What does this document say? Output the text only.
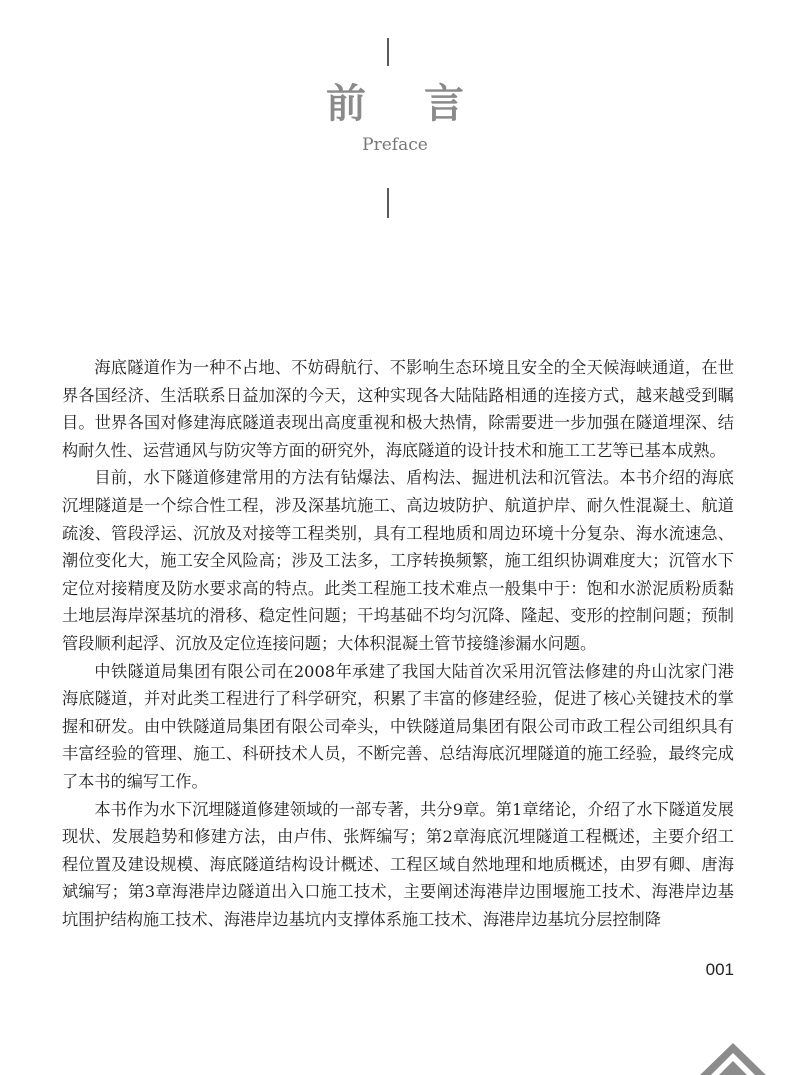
前言
Preface

海底隧道作为一种不占地、不妨碍航行、不影响生态环境且安全的全天候海峡通道，在世界各国经济、生活联系日益加深的今天，这种实现各大陆陆路相通的连接方式，越来越受到瞩目。世界各国对修建海底隧道表现出高度重视和极大热情，除需要进一步加强在隧道埋深、结构耐久性、运营通风与防灾等方面的研究外，海底隧道的设计技术和施工工艺等已基本成熟。

目前，水下隧道修建常用的方法有钻爆法、盾构法、掘进机法和沉管法。本书介绍的海底沉埋隧道是一个综合性工程，涉及深基坑施工、高边坡防护、航道护岸、耐久性混凝土、航道疏浚、管段浮运、沉放及对接等工程类别，具有工程地质和周边环境十分复杂、海水流速急、潮位变化大，施工安全风险高；涉及工法多，工序转换频繁，施工组织协调难度大；沉管水下定位对接精度及防水要求高的特点。此类工程施工技术难点一般集中于：饱和水淤泥质粉质黏土地层海岸深基坑的滑移、稳定性问题；干坞基础不均匀沉降、隆起、变形的控制问题；预制管段顺利起浮、沉放及定位连接问题；大体积混凝土管节接缝渗漏水问题。

中铁隧道局集团有限公司在2008年承建了我国大陆首次采用沉管法修建的舟山沈家门港海底隧道，并对此类工程进行了科学研究，积累了丰富的修建经验，促进了核心关键技术的掌握和研发。由中铁隧道局集团有限公司牵头，中铁隧道局集团有限公司市政工程公司组织具有丰富经验的管理、施工、科研技术人员，不断完善、总结海底沉埋隧道的施工经验，最终完成了本书的编写工作。

本书作为水下沉埋隧道修建领域的一部专著，共分9章。第1章绪论，介绍了水下隧道发展现状、发展趋势和修建方法，由卢伟、张辉编写；第2章海底沉埋隧道工程概述，主要介绍工程位置及建设规模、海底隧道结构设计概述、工程区域自然地理和地质概述，由罗有卿、唐海斌编写；第3章海港岸边隧道出入口施工技术，主要阐述海港岸边围堰施工技术、海港岸边基坑围护结构施工技术、海港岸边基坑内支撑体系施工技术、海港岸边基坑分层控制降

001
